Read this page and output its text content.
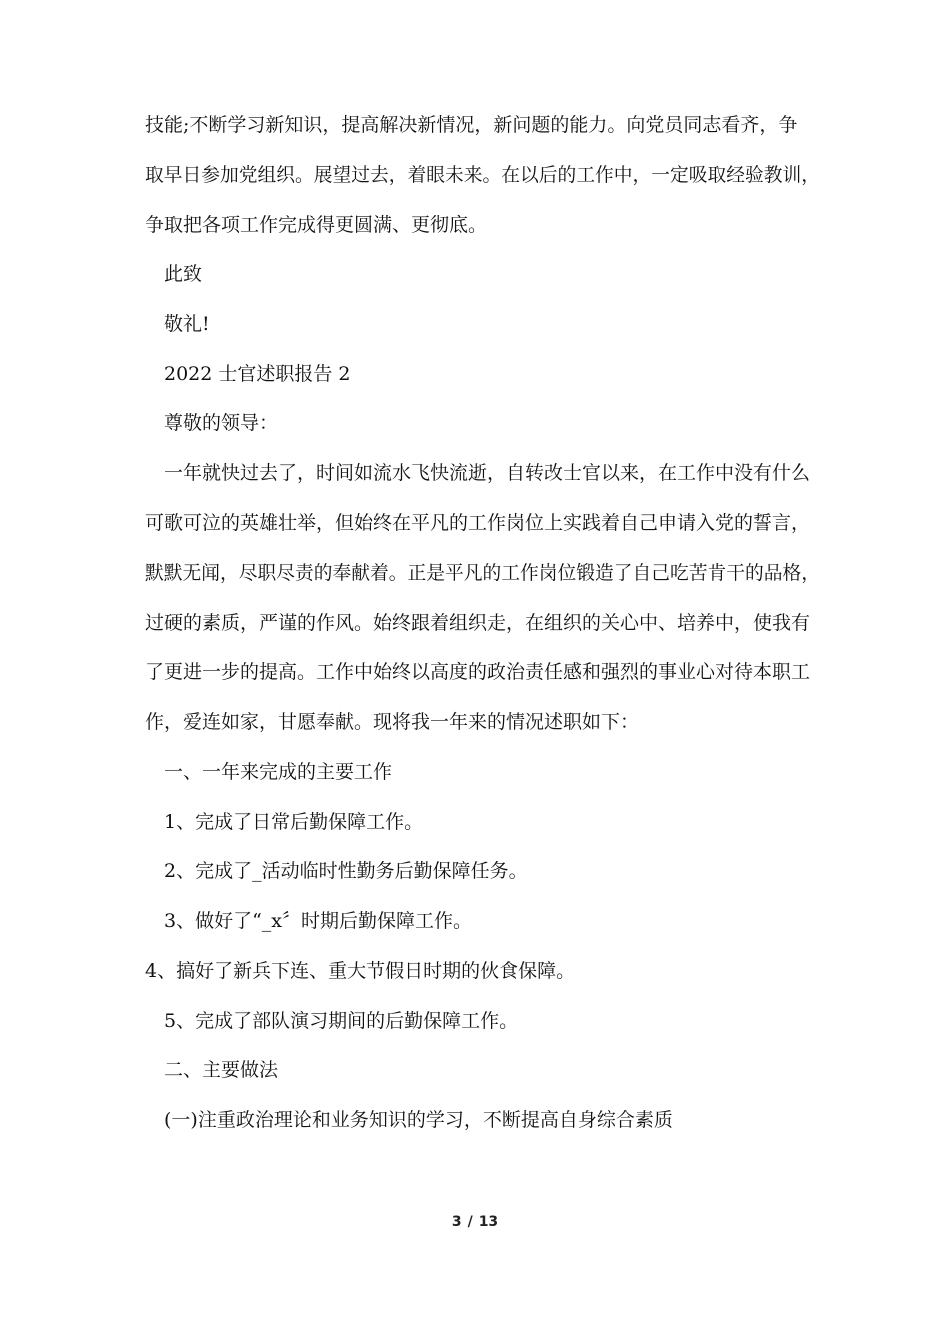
技能;不断学习新知识，提高解决新情况，新问题的能力。向党员同志看齐，争
取早日参加党组织。展望过去，着眼未来。在以后的工作中，一定吸取经验教训，
争取把各项工作完成得更圆满、更彻底。
此致
敬礼!
2022 士官述职报告 2
尊敬的领导：
一年就快过去了，时间如流水飞快流逝，自转改士官以来，在工作中没有什么
可歌可泣的英雄壮举，但始终在平凡的工作岗位上实践着自己申请入党的誓言，
默默无闻，尽职尽责的奉献着。正是平凡的工作岗位锻造了自己吃苦肯干的品格，
过硬的素质，严谨的作风。始终跟着组织走，在组织的关心中、培养中，使我有
了更进一步的提高。工作中始终以高度的政治责任感和强烈的事业心对待本职工
作，爱连如家，甘愿奉献。现将我一年来的情况述职如下：
一、一年来完成的主要工作
1、完成了日常后勤保障工作。
2、完成了_活动临时性勤务后勤保障任务。
3、做好了“_x〞时期后勤保障工作。
4、搞好了新兵下连、重大节假日时期的伙食保障。
5、完成了部队演习期间的后勤保障工作。
二、主要做法
(一)注重政治理论和业务知识的学习，不断提高自身综合素质
3 / 13
